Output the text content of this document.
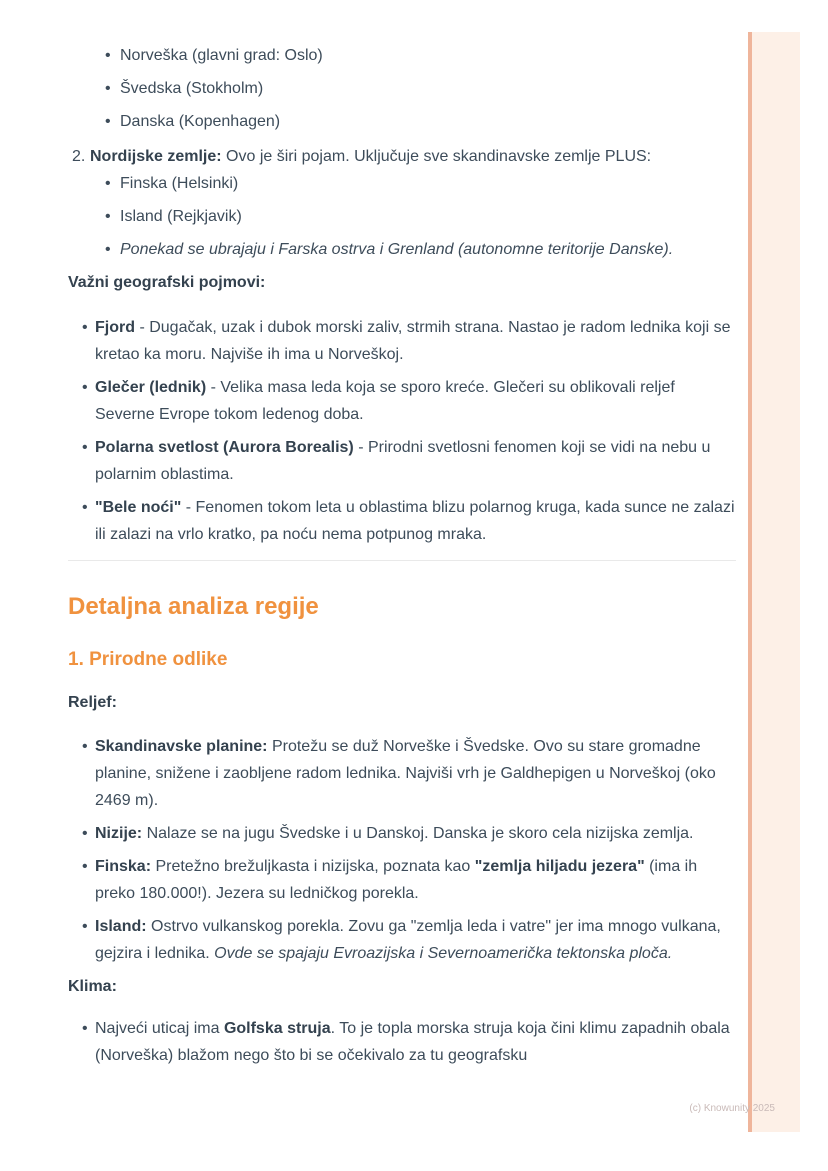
• Norveška (glavni grad: Oslo)
• Švedska (Stokholm)
• Danska (Kopenhagen)
2. Nordijske zemlje: Ovo je širi pojam. Uključuje sve skandinavske zemlje PLUS:
• Finska (Helsinki)
• Island (Rejkjavik)
• Ponekad se ubrajaju i Farska ostrva i Grenland (autonomne teritorije Danske).
Važni geografski pojmovi:
• Fjord - Dugačak, uzak i dubok morski zaliv, strmih strana. Nastao je radom lednika koji se kretao ka moru. Najviše ih ima u Norveškoj.
• Glečer (lednik) - Velika masa leda koja se sporo kreće. Glečeri su oblikovali reljef Severne Evrope tokom ledenog doba.
• Polarna svetlost (Aurora Borealis) - Prirodni svetlosni fenomen koji se vidi na nebu u polarnim oblastima.
• "Bele noći" - Fenomen tokom leta u oblastima blizu polarnog kruga, kada sunce ne zalazi ili zalazi na vrlo kratko, pa noću nema potpunog mraka.
Detaljna analiza regije
1. Prirodne odlike
Reljef:
• Skandinavske planine: Protežu se duž Norveške i Švedske. Ovo su stare gromadne planine, snižene i zaobljene radom lednika. Najviši vrh je Galdhepigen u Norveškoj (oko 2469 m).
• Nizije: Nalaze se na jugu Švedske i u Danskoj. Danska je skoro cela nizijska zemlja.
• Finska: Pretežno brežuljkasta i nizijska, poznata kao "zemlja hiljadu jezera" (ima ih preko 180.000!). Jezera su ledničkog porekla.
• Island: Ostrvo vulkanskog porekla. Zovu ga "zemlja leda i vatre" jer ima mnogo vulkana, gejzira i lednika. Ovde se spajaju Evroazijska i Severnoamerička tektonska ploča.
Klima:
• Najveći uticaj ima Golfska struja. To je topla morska struja koja čini klimu zapadnih obala (Norveška) blažom nego što bi se očekivalo za tu geografsku
(c) Knowunity 2025
